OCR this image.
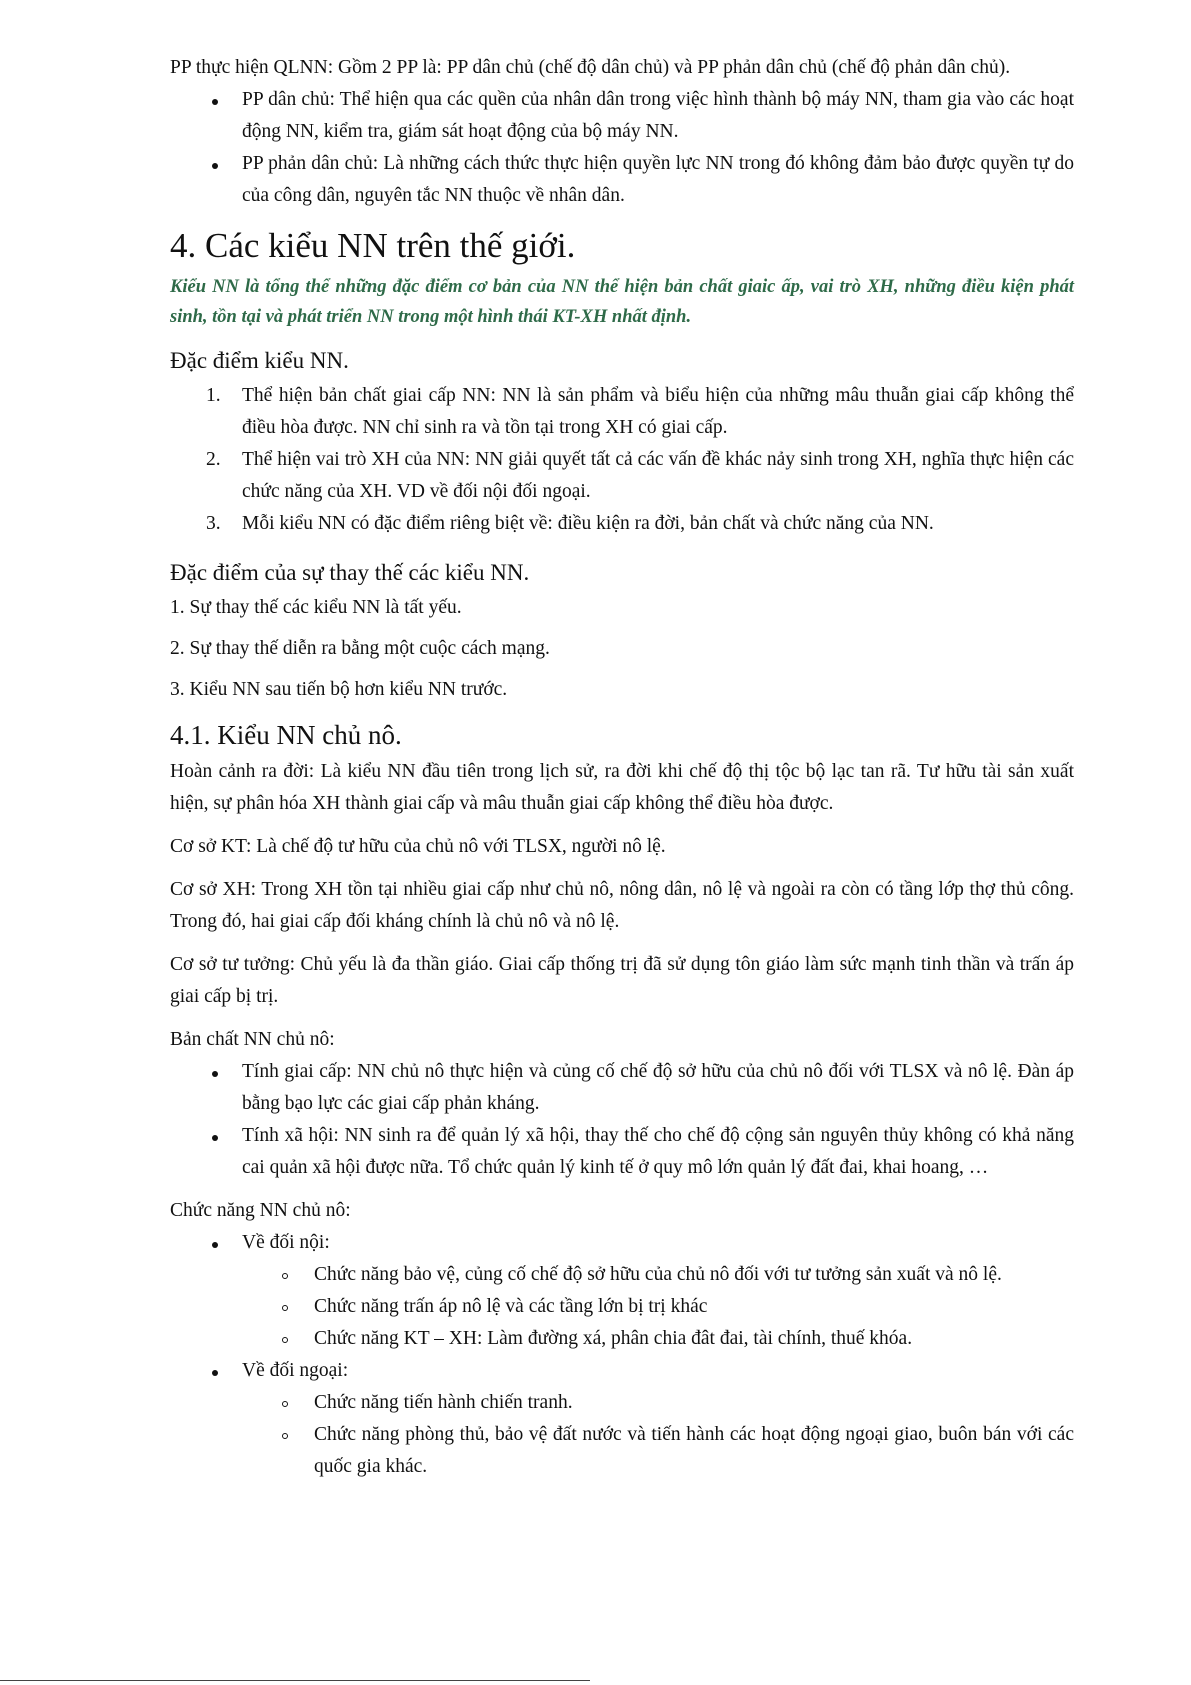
PP thực hiện QLNN: Gồm 2 PP là: PP dân chủ (chế độ dân chủ) và PP phản dân chủ (chế độ phản dân chủ).

PP dân chủ: Thể hiện qua các quền của nhân dân trong việc hình thành bộ máy NN, tham gia vào các hoạt động NN, kiểm tra, giám sát hoạt động của bộ máy NN.
PP phản dân chủ: Là những cách thức thực hiện quyền lực NN trong đó không đảm bảo được quyền tự do của công dân, nguyên tắc NN thuộc về nhân dân.
4. Các kiểu NN trên thế giới.

Kiểu NN là tổng thể những đặc điểm cơ bản của NN thể hiện bản chất giaic ấp, vai trò XH, những điều kiện phát sinh, tồn tại và phát triển NN trong một hình thái KT-XH nhất định.

Đặc điểm kiểu NN.
1. Thể hiện bản chất giai cấp NN: NN là sản phẩm và biểu hiện của những mâu thuẫn giai cấp không thể điều hòa được. NN chỉ sinh ra và tồn tại trong XH có giai cấp.
2. Thể hiện vai trò XH của NN: NN giải quyết tất cả các vấn đề khác nảy sinh trong XH, nghĩa thực hiện các chức năng của XH. VD về đối nội đối ngoại.
3. Mỗi kiểu NN có đặc điểm riêng biệt về: điều kiện ra đời, bản chất và chức năng của NN.
Đặc điểm của sự thay thế các kiểu NN.

1. Sự thay thế các kiểu NN là tất yếu.

2. Sự thay thế diễn ra bằng một cuộc cách mạng.

3. Kiểu NN sau tiến bộ hơn kiểu NN trước.

4.1. Kiểu NN chủ nô.

Hoàn cảnh ra đời: Là kiểu NN đầu tiên trong lịch sử, ra đời khi chế độ thị tộc bộ lạc tan rã. Tư hữu tài sản xuất hiện, sự phân hóa XH thành giai cấp và mâu thuẫn giai cấp không thể điều hòa được.

Cơ sở KT: Là chế độ tư hữu của chủ nô với TLSX, người nô lệ.

Cơ sở XH: Trong XH tồn tại nhiều giai cấp như chủ nô, nông dân, nô lệ và ngoài ra còn có tầng lớp thợ thủ công. Trong đó, hai giai cấp đối kháng chính là chủ nô và nô lệ.

Cơ sở tư tưởng: Chủ yếu là đa thần giáo. Giai cấp thống trị đã sử dụng tôn giáo làm sức mạnh tinh thần và trấn áp giai cấp bị trị.

Bản chất NN chủ nô:

Tính giai cấp: NN chủ nô thực hiện và củng cố chế độ sở hữu của chủ nô đối với TLSX và nô lệ. Đàn áp bằng bạo lực các giai cấp phản kháng.
Tính xã hội: NN sinh ra để quản lý xã hội, thay thế cho chế độ cộng sản nguyên thủy không có khả năng cai quản xã hội được nữa. Tổ chức quản lý kinh tế ở quy mô lớn quản lý đất đai, khai hoang, …

Chức năng NN chủ nô:

Về đối nội:
Chức năng bảo vệ, củng cố chế độ sở hữu của chủ nô đối với tư tưởng sản xuất và nô lệ.
Chức năng trấn áp nô lệ và các tầng lớn bị trị khác
Chức năng KT – XH: Làm đường xá, phân chia đât đai, tài chính, thuế khóa.
Về đối ngoại:
Chức năng tiến hành chiến tranh.
Chức năng phòng thủ, bảo vệ đất nước và tiến hành các hoạt động ngoại giao, buôn bán với các quốc gia khác.
